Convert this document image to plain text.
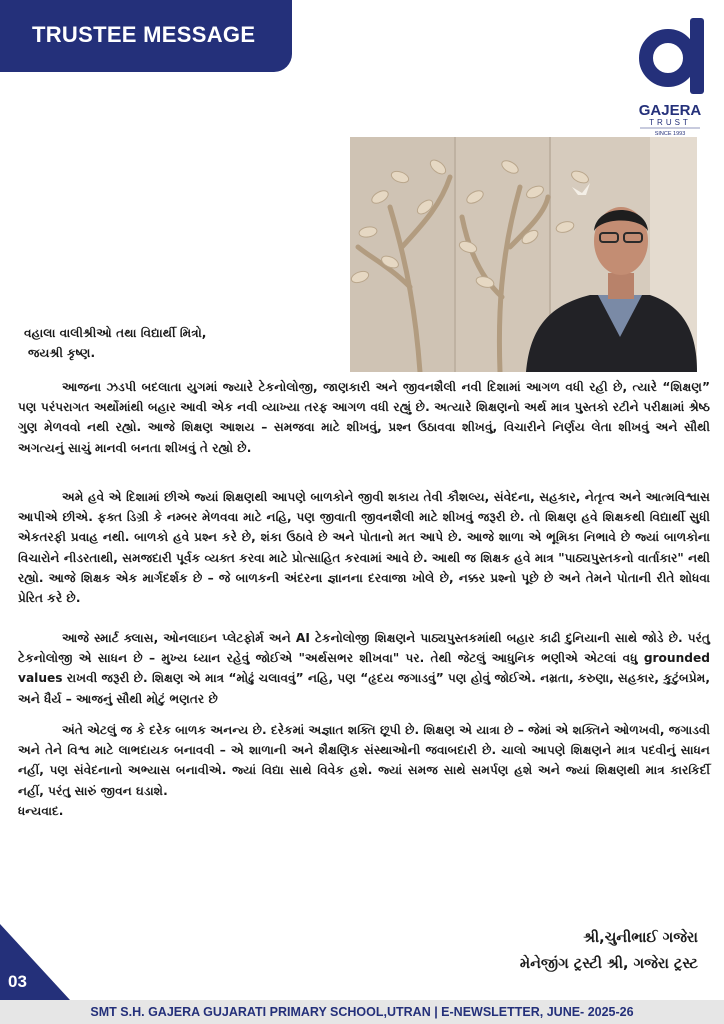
TRUSTEE MESSAGE
GAJERA
TRUST
SINCE 1993
વહાલા વાલીશ્રીઓ તથા વિદ્યાર્થી મિત્રો,
જયશ્રી કૃષ્ણ.

આજના ઝડપી બદલાતા યુગમાં જ્યારે ટેકનોલોજી, જાણકારી અને જીવનશૈલી નવી દિશામાં આગળ વધી રહી છે, ત્યારે “શિક્ષણ” પણ પરંપરાગત અર્થોમાંથી બહાર આવી એક નવી વ્યાખ્યા તરફ આગળ વધી રહ્યું છે. અત્યારે શિક્ષણનો અર્થ માત્ર પુસ્તકો રટીને પરીક્ષામાં શ્રેષ્ઠ ગુણ મેળવવો નથી રહ્યો. આજે શિક્ષણ આશય – સમજવા માટે શીખવું, પ્રશ્ન ઉઠાવવા શીખવું, વિચારીને નિર્ણય લેતા શીખવું અને સૌથી અગત્યનું સાચું માનવી બનતા શીખવું તે રહ્યો છે.

અમે હવે એ દિશામાં છીએ જ્યાં શિક્ષણથી આપણે બાળકોને જીવી શકાય તેવી કૌશલ્ય, સંવેદના, સહકાર, નેતૃત્વ અને આત્મવિશ્વાસ આપીએ છીએ. ફક્ત ડિગ્રી કે નમ્બર મેળવવા માટે નહિ, પણ જીવાતી જીવનશૈલી માટે શીખવું જરૂરી છે. તો શિક્ષણ હવે શિક્ષકથી વિદ્યાર્થી સુધી એકતરફી પ્રવાહ નથી. બાળકો હવે પ્રશ્ન કરે છે, શંકા ઉઠાવે છે અને પોતાનો મત આપે છે. આજે શાળા એ ભૂમિકા નિભાવે છે જ્યાં બાળકોના વિચારોને નીડરતાથી, સમજદારી પૂર્વક વ્યક્ત કરવા માટે પ્રોત્સાહિત કરવામાં આવે છે. આથી જ શિક્ષક હવે માત્ર "પાઠ્યપુસ્તકનો વાર્તાકાર" નથી રહ્યો. આજે શિક્ષક એક માર્ગદર્શક છે – જે બાળકની અંદરના જ્ઞાનના દરવાજા ખોલે છે, નક્કર પ્રશ્નો પૂછે છે અને તેમને પોતાની રીતે શોધવા પ્રેરિત કરે છે.

આજે સ્માર્ટ ક્લાસ, ઓનલાઇન પ્લેટફોર્મ અને AI ટેકનોલોજી શિક્ષણને પાઠ્યપુસ્તકમાંથી બહાર કાઢી દુનિયાની સાથે જોડે છે. પરંતુ ટેકનોલોજી એ સાધન છે – મુખ્ય ધ્યાન રહેવું જોઈએ "અર્થસભર શીખવા" પર. તેથી જેટલું આધુનિક ભણીએ એટલાં વધુ grounded values રાખવી જરૂરી છે. શિક્ષણ એ માત્ર “મોઢું ચલાવવું” નહિ, પણ “હૃદય જગાડવું” પણ હોવું જોઈએ. નમ્રતા, કરુણા, સહકાર, કુટુંબપ્રેમ, અને ધૈર્ય – આજનું સૌથી મોટું ભણતર છે

અંતે એટલું જ કે દરેક બાળક અનન્ય છે. દરેકમાં અજ્ઞાત શક્તિ છૂપી છે. શિક્ષણ એ યાત્રા છે – જેમાં એ શક્તિને ઓળખવી, જગાડવી અને તેને વિશ્વ માટે લાભદાયક બનાવવી – એ શાળાની અને શૈક્ષણિક સંસ્થાઓની જવાબદારી છે. ચાલો આપણે શિક્ષણને માત્ર પદવીનું સાધન નહીં, પણ સંવેદનાનો અભ્યાસ બનાવીએ. જ્યાં વિદ્યા સાથે વિવેક હશે. જ્યાં સમજ સાથે સમર્પણ હશે અને જ્યાં શિક્ષણથી માત્ર કારકિર્દી નહીં, પરંતુ સારું જીવન ઘડાશે.

ધન્યવાદ.

શ્રી,ચુનીભાઈ ગજેરા
મેનેજીંગ ટ્રસ્ટી શ્રી, ગજેરા ટ્રસ્ટ
03
SMT S.H. GAJERA GUJARATI PRIMARY SCHOOL,UTRAN | E-NEWSLETTER, JUNE- 2025-26
